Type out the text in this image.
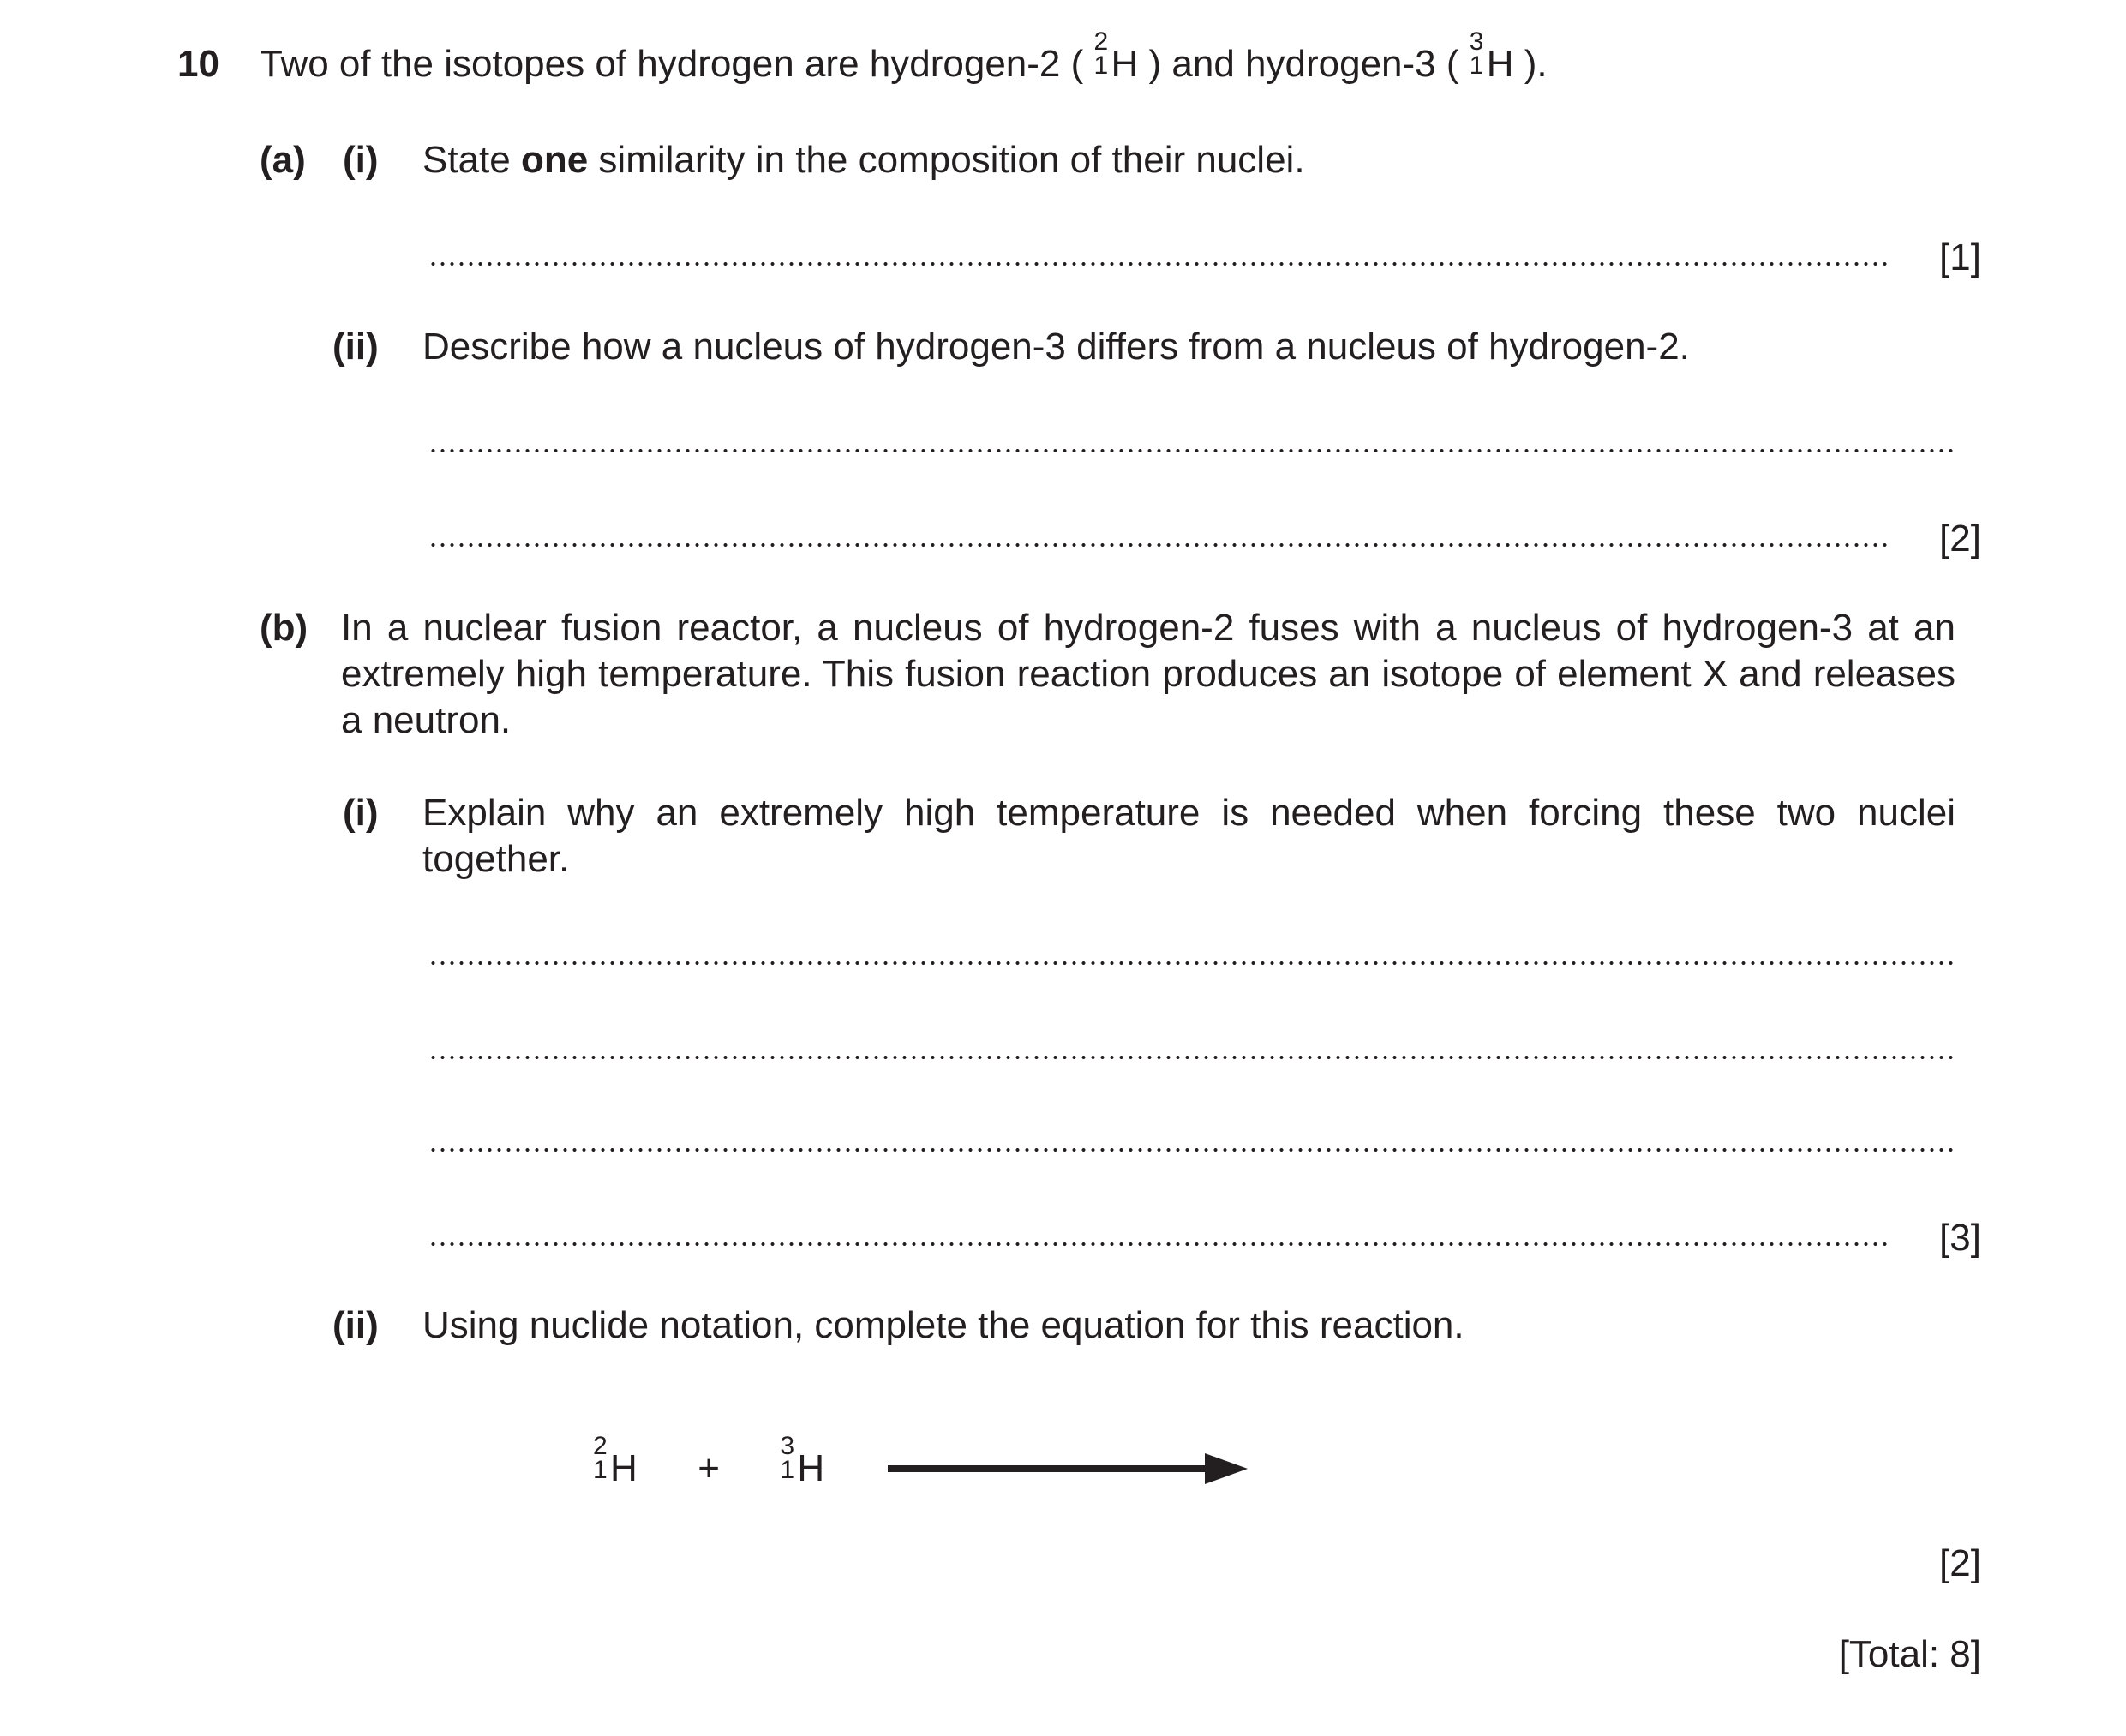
10 Two of the isotopes of hydrogen are hydrogen-2 (
2
1 H ) and hydrogen-3 (
3
1 H ).
(a) (i) State one similarity in the composition of their nuclei.
[1]
(ii) Describe how a nucleus of hydrogen-3 differs from a nucleus of hydrogen-2.
[2]
(b) In a nuclear fusion reactor, a nucleus of hydrogen-2 fuses with a nucleus of hydrogen-3 at an extremely high temperature. This fusion reaction produces an isotope of element X and releases a neutron.
(i) Explain why an extremely high temperature is needed when forcing these two nuclei together.
[3]
(ii) Using nuclide notation, complete the equation for this reaction.
2
1 H +
3
1 H
[2]
[Total: 8]
